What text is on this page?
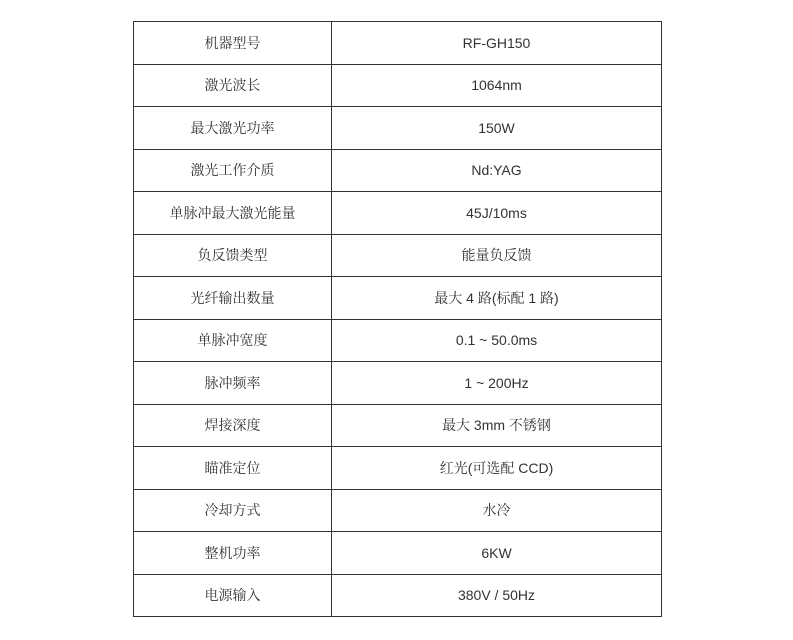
机器型号	RF-GH150
激光波长	1064nm
最大激光功率	150W
激光工作介质	Nd:YAG
单脉冲最大激光能量	45J/10ms
负反馈类型	能量负反馈
光纤输出数量	最大 4 路(标配 1 路)
单脉冲宽度	0.1 ~ 50.0ms
脉冲频率	1 ~ 200Hz
焊接深度	最大 3mm 不锈钢
瞄准定位	红光(可选配 CCD)
冷却方式	水冷
整机功率	6KW
电源输入	380V / 50Hz
